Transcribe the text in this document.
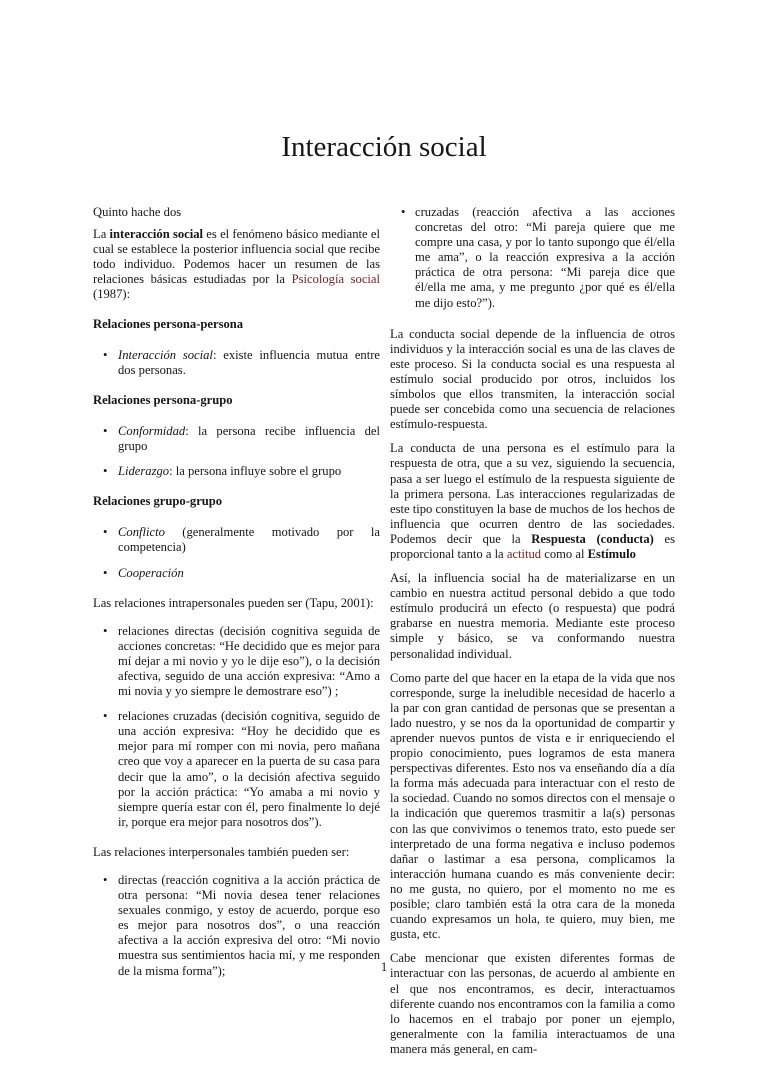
Interacción social

Quinto hache dos

La interacción social es el fenómeno básico mediante el cual se establece la posterior influencia social que recibe todo individuo. Podemos hacer un resumen de las relaciones básicas estudiadas por la Psicología social (1987):

Relaciones persona-persona
• Interacción social: existe influencia mutua entre dos personas.
Relaciones persona-grupo
• Conformidad: la persona recibe influencia del grupo
• Liderazgo: la persona influye sobre el grupo
Relaciones grupo-grupo
• Conflicto (generalmente motivado por la competencia)
• Cooperación

Las relaciones intrapersonales pueden ser (Tapu, 2001):

• relaciones directas (decisión cognitiva seguida de acciones concretas: “He decidido que es mejor para mí dejar a mi novio y yo le dije eso”), o la decisión afectiva, seguido de una acción expresiva: “Amo a mi novia y yo siempre le demostrare eso”) ;
• relaciones cruzadas (decisión cognitiva, seguido de una acción expresiva: “Hoy he decidido que es mejor para mí romper con mi novia, pero mañana creo que voy a aparecer en la puerta de su casa para decir que la amo”, o la decisión afectiva seguido por la acción práctica: “Yo amaba a mi novio y siempre quería estar con él, pero finalmente lo dejé ir, porque era mejor para nosotros dos”).

Las relaciones interpersonales también pueden ser:

• directas (reacción cognitiva a la acción práctica de otra persona: “Mi novia desea tener relaciones sexuales conmigo, y estoy de acuerdo, porque eso es mejor para nosotros dos”, o una reacción afectiva a la acción expresiva del otro: “Mi novio muestra sus sentimientos hacia mí, y me responden de la misma forma”);
• cruzadas (reacción afectiva a las acciones concretas del otro: “Mi pareja quiere que me compre una casa, y por lo tanto supongo que él/ella me ama”, o la reacción expresiva a la acción práctica de otra persona: “Mi pareja dice que él/ella me ama, y me pregunto ¿por qué es él/ella me dijo esto?”).

La conducta social depende de la influencia de otros individuos y la interacción social es una de las claves de este proceso. Si la conducta social es una respuesta al estímulo social producido por otros, incluidos los símbolos que ellos transmiten, la interacción social puede ser concebida como una secuencia de relaciones estímulo-respuesta.

La conducta de una persona es el estímulo para la respuesta de otra, que a su vez, siguiendo la secuencia, pasa a ser luego el estímulo de la respuesta siguiente de la primera persona. Las interacciones regularizadas de este tipo constituyen la base de muchos de los hechos de influencia que ocurren dentro de las sociedades. Podemos decir que la Respuesta (conducta) es proporcional tanto a la actitud como al Estímulo

Así, la influencia social ha de materializarse en un cambio en nuestra actitud personal debido a que todo estímulo producirá un efecto (o respuesta) que podrá grabarse en nuestra memoria. Mediante este proceso simple y básico, se va conformando nuestra personalidad individual.

Como parte del que hacer en la etapa de la vida que nos corresponde, surge la ineludible necesidad de hacerlo a la par con gran cantidad de personas que se presentan a lado nuestro, y se nos da la oportunidad de compartir y aprender nuevos puntos de vista e ir enriqueciendo el propio conocimiento, pues logramos de esta manera perspectivas diferentes. Esto nos va enseñando día a día la forma más adecuada para interactuar con el resto de la sociedad. Cuando no somos directos con el mensaje o la indicación que queremos trasmitir a la(s) personas con las que convivimos o tenemos trato, esto puede ser interpretado de una forma negativa e incluso podemos dañar o lastimar a esa persona, complicamos la interacción humana cuando es más conveniente decir: no me gusta, no quiero, por el momento no me es posible; claro también está la otra cara de la moneda cuando expresamos un hola, te quiero, muy bien, me gusta, etc.

Cabe mencionar que existen diferentes formas de interactuar con las personas, de acuerdo al ambiente en el que nos encontramos, es decir, interactuamos diferente cuando nos encontramos con la familia a como lo hacemos en el trabajo por poner un ejemplo, generalmente con la familia interactuamos de una manera más general, en cam-

1
